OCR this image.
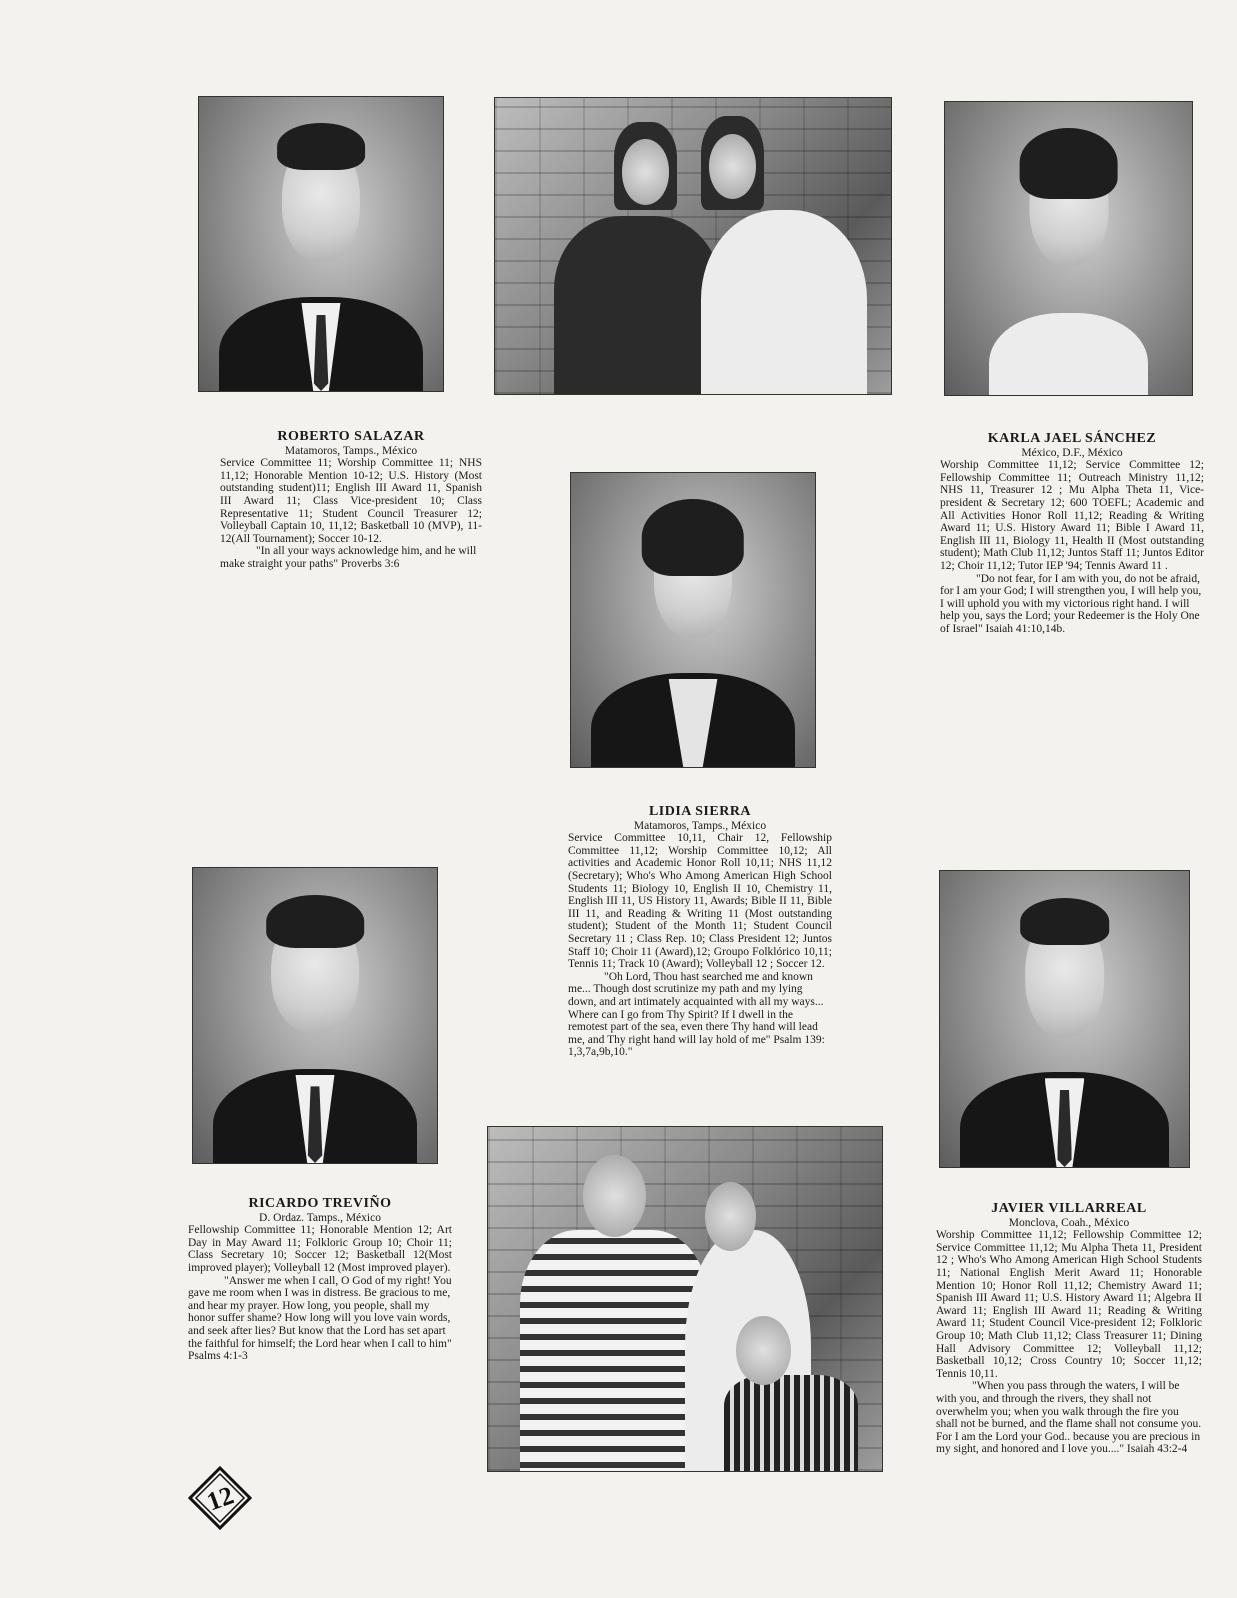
ROBERTO SALAZAR
Matamoros, Tamps., México
Service Committee 11; Worship Committee 11; NHS 11,12; Honorable Mention 10-12; U.S. History (Most outstanding student)11; English III Award 11, Spanish III Award 11; Class Vice-president 10; Class Representative 11; Student Council Treasurer 12; Volleyball Captain 10, 11,12; Basketball 10 (MVP), 11-12(All Tournament); Soccer 10-12.
"In all your ways acknowledge him, and he will make straight your paths" Proverbs 3:6
KARLA JAEL SÁNCHEZ
México, D.F., México
Worship Committee 11,12; Service Committee 12; Fellowship Committee 11; Outreach Ministry 11,12; NHS 11, Treasurer 12 ; Mu Alpha Theta 11, Vice-president & Secretary 12; 600 TOEFL; Academic and All Activities Honor Roll 11,12; Reading & Writing Award 11; U.S. History Award 11; Bible I Award 11, English III 11, Biology 11, Health II (Most outstanding student); Math Club 11,12; Juntos Staff 11; Juntos Editor 12; Choir 11,12; Tutor IEP '94; Tennis Award 11 .
"Do not fear, for I am with you, do not be afraid, for I am your God; I will strengthen you, I will help you, I will uphold you with my victorious right hand. I will help you, says the Lord; your Redeemer is the Holy One of Israel" Isaiah 41:10,14b.
LIDIA SIERRA
Matamoros, Tamps., México
Service Committee 10,11, Chair 12, Fellowship Committee 11,12; Worship Committee 10,12; All activities and Academic Honor Roll 10,11; NHS 11,12 (Secretary); Who's Who Among American High School Students 11; Biology 10, English II 10, Chemistry 11, English III 11, US History 11, Awards; Bible II 11, Bible III 11, and Reading & Writing 11 (Most outstanding student); Student of the Month 11; Student Council Secretary 11 ; Class Rep. 10; Class President 12; Juntos Staff 10; Choir 11 (Award),12; Groupo Folklórico 10,11; Tennis 11; Track 10 (Award); Volleyball 12 ; Soccer 12.
"Oh Lord, Thou hast searched me and known me... Though dost scrutinize my path and my lying down, and art intimately acquainted with all my ways... Where can I go from Thy Spirit? If I dwell in the remotest part of the sea, even there Thy hand will lead me, and Thy right hand will lay hold of me" Psalm 139: 1,3,7a,9b,10."
RICARDO TREVIÑO
D. Ordaz. Tamps., México
Fellowship Committee 11; Honorable Mention 12; Art Day in May Award 11; Folkloric Group 10; Choir 11; Class Secretary 10; Soccer 12; Basketball 12(Most improved player); Volleyball 12 (Most improved player).
"Answer me when I call, O God of my right! You gave me room when I was in distress. Be gracious to me, and hear my prayer. How long, you people, shall my honor suffer shame? How long will you love vain words, and seek after lies? But know that the Lord has set apart the faithful for himself; the Lord hear when I call to him" Psalms 4:1-3
JAVIER VILLARREAL
Monclova, Coah., México
Worship Committee 11,12; Fellowship Committee 12; Service Committee 11,12; Mu Alpha Theta 11, President 12 ; Who's Who Among American High School Students 11; National English Merit Award 11; Honorable Mention 10; Honor Roll 11,12; Chemistry Award 11; Spanish III Award 11; U.S. History Award 11; Algebra II Award 11; English III Award 11; Reading & Writing Award 11; Student Council Vice-president 12; Folkloric Group 10; Math Club 11,12; Class Treasurer 11; Dining Hall Advisory Committee 12; Volleyball 11,12; Basketball 10,12; Cross Country 10; Soccer 11,12; Tennis 10,11.
"When you pass through the waters, I will be with you, and through the rivers, they shall not overwhelm you; when you walk through the fire you shall not be burned, and the flame shall not consume you. For I am the Lord your God.. because you are precious in my sight, and honored and I love you...." Isaiah 43:2-4
12
